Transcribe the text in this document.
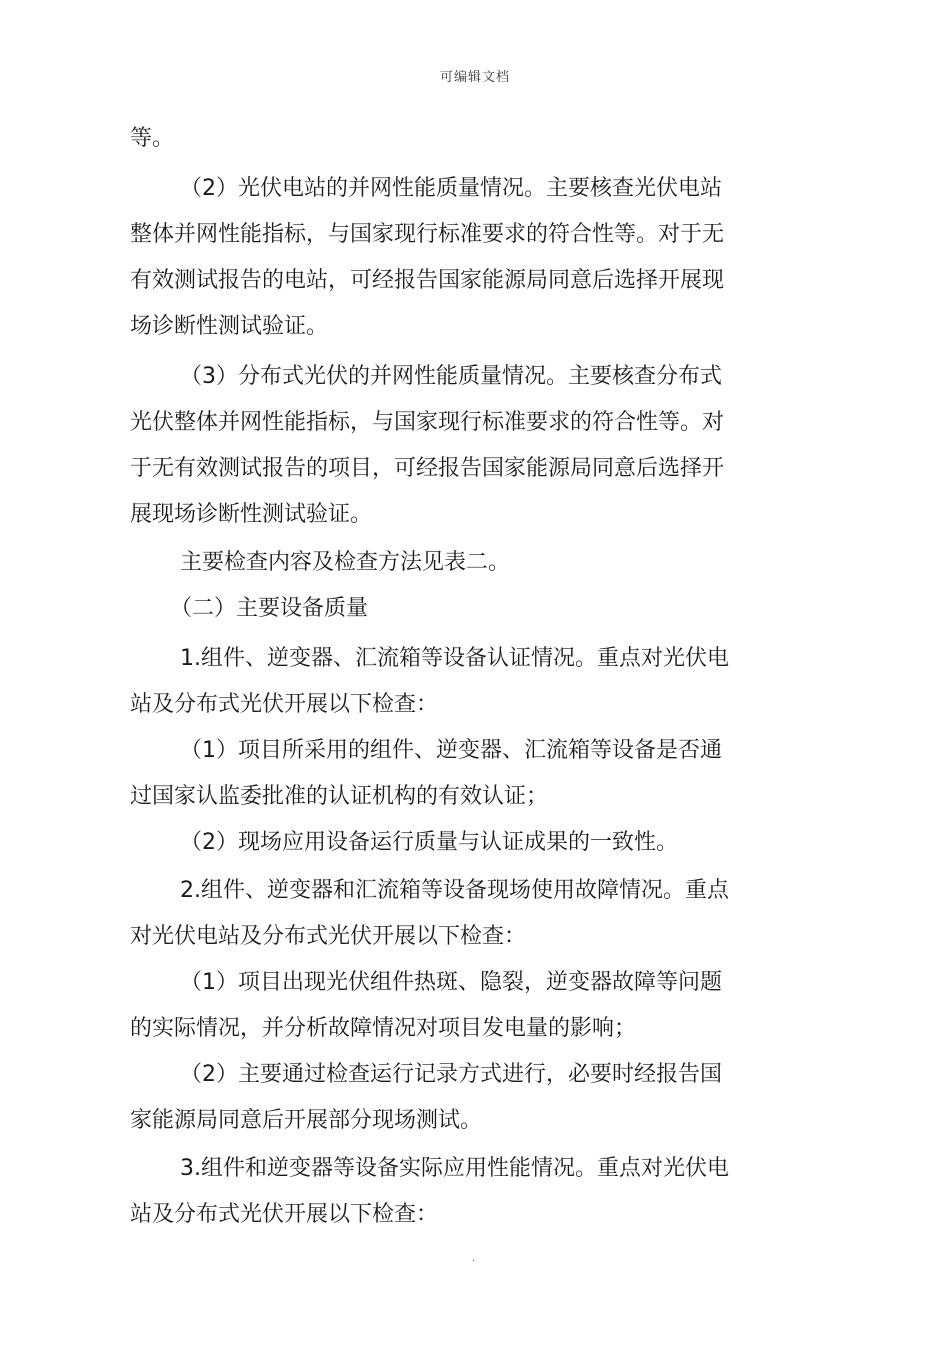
可编辑文档
等。
（2）光伏电站的并网性能质量情况。主要核查光伏电站
整体并网性能指标，与国家现行标准要求的符合性等。对于无
有效测试报告的电站，可经报告国家能源局同意后选择开展现
场诊断性测试验证。
（3）分布式光伏的并网性能质量情况。主要核查分布式
光伏整体并网性能指标，与国家现行标准要求的符合性等。对
于无有效测试报告的项目，可经报告国家能源局同意后选择开
展现场诊断性测试验证。
主要检查内容及检查方法见表二。
（二）主要设备质量
1.组件、逆变器、汇流箱等设备认证情况。重点对光伏电
站及分布式光伏开展以下检查：
（1）项目所采用的组件、逆变器、汇流箱等设备是否通
过国家认监委批准的认证机构的有效认证；
（2）现场应用设备运行质量与认证成果的一致性。
2.组件、逆变器和汇流箱等设备现场使用故障情况。重点
对光伏电站及分布式光伏开展以下检查：
（1）项目出现光伏组件热斑、隐裂，逆变器故障等问题
的实际情况，并分析故障情况对项目发电量的影响；
（2）主要通过检查运行记录方式进行，必要时经报告国
家能源局同意后开展部分现场测试。
3.组件和逆变器等设备实际应用性能情况。重点对光伏电
站及分布式光伏开展以下检查：
.
